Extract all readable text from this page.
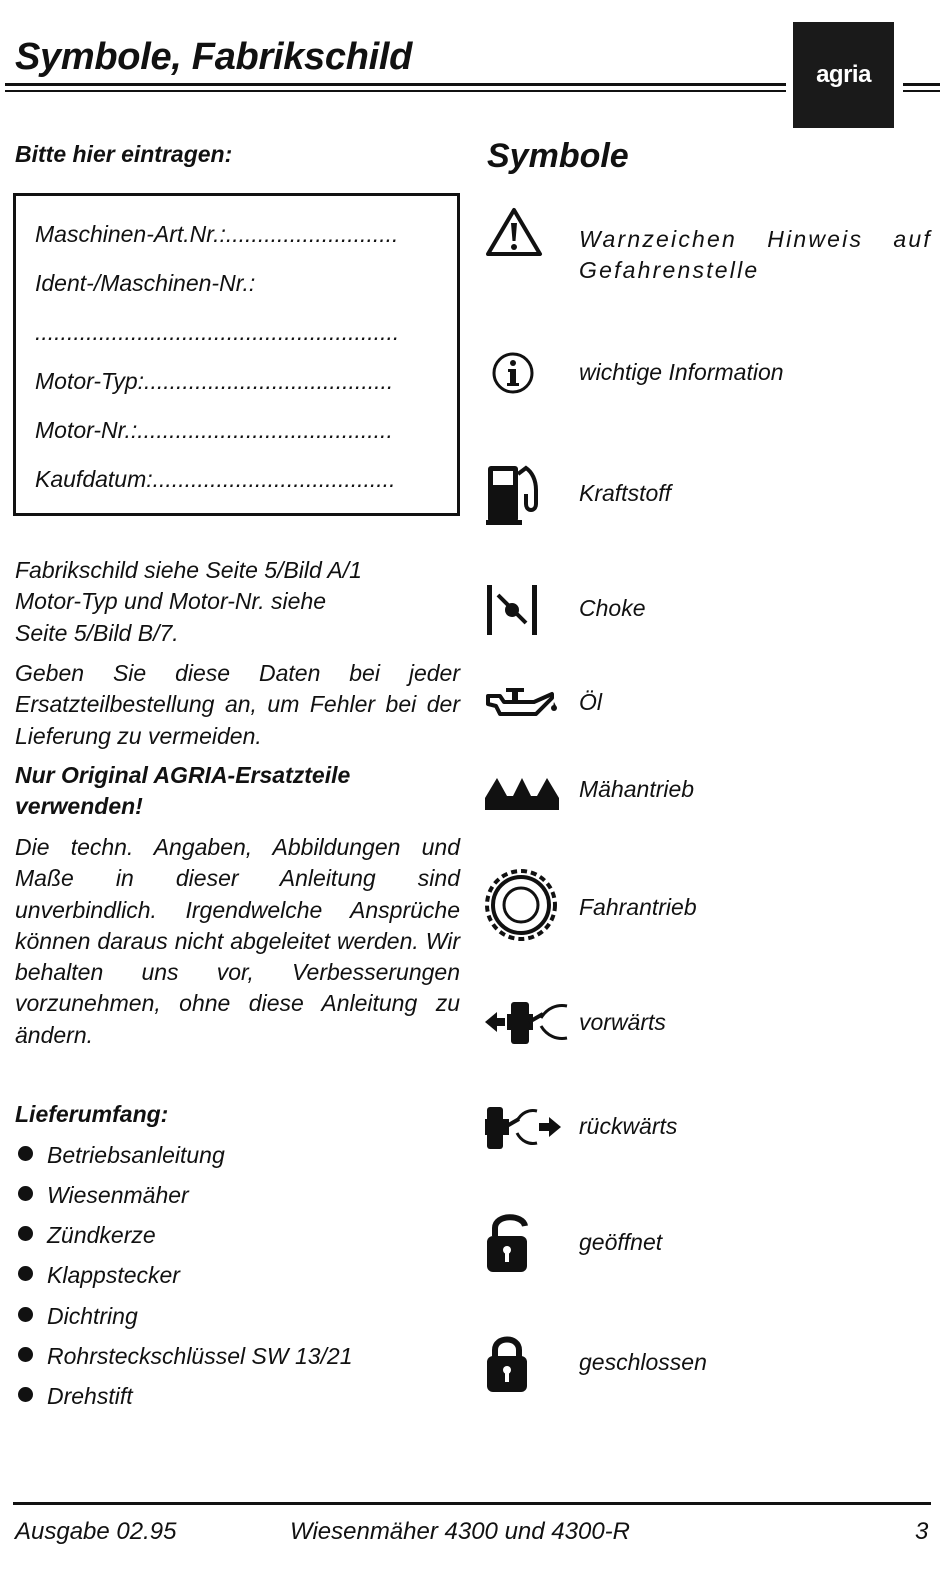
Symbole, Fabrikschild	agria
Bitte hier eintragen:
Maschinen-Art.Nr.:...........................
Ident-/Maschinen-Nr.:
.........................................................
Motor-Typ:.......................................
Motor-Nr.:........................................
Kaufdatum:......................................
Fabrikschild siehe Seite 5/Bild A/1
Motor-Typ und Motor-Nr. siehe
Seite 5/Bild B/7.
Geben Sie diese Daten bei jeder Ersatzteilbestellung an, um Fehler bei der Lieferung zu vermeiden.
Nur Original AGRIA-Ersatzteile verwenden!
Die techn. Angaben, Abbildungen und Maße in dieser Anleitung sind unverbindlich. Irgendwelche Ansprüche können daraus nicht abgeleitet werden. Wir behalten uns vor, Verbesserungen vorzunehmen, ohne diese Anleitung zu ändern.
Lieferumfang:
Betriebsanleitung
Wiesenmäher
Zündkerze
Klappstecker
Dichtring
Rohrsteckschlüssel SW 13/21
Drehstift
Symbole
Warnzeichen Hinweis auf Gefahrenstelle
wichtige Information
Kraftstoff
Choke
Öl
Mähantrieb
Fahrantrieb
vorwärts
rückwärts
geöffnet
geschlossen
Ausgabe 02.95	Wiesenmäher 4300 und 4300-R	3
